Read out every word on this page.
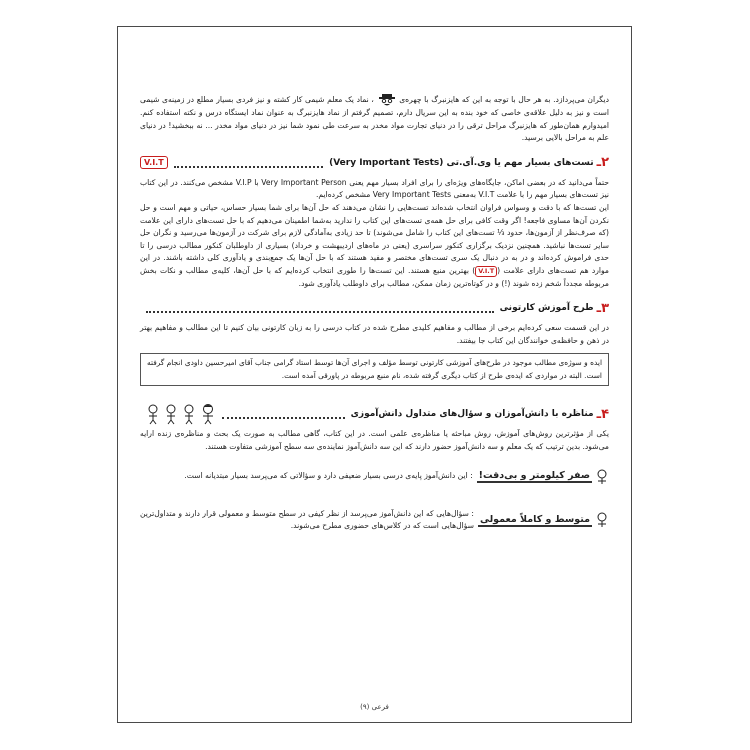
دیگران می‌پردازد. به هر حال با توجه به این که هایزنبرگ با چهره‌ی  ، نماد یک معلم شیمی کار کشته و نیز فردی بسیار مطلع در زمینه‌ی شیمی است و نیز به دلیل علاقه‌ی خاصی که خود بنده به این سریال دارم، تصمیم گرفتم از نماد هایزنبرگ به عنوان نماد ایستگاه درس و نکته استفاده کنم. امیدوارم همان‌طور که هایزنبرگ مراحل ترقی را در دنیای تجارت مواد مخدر به سرعت طی نمود شما نیز در دنیای مواد مخدر ... نه ببخشید! در دنیای علم به مراحل بالایی برسید.

۲ـ
تست‌های بسیار مهم یا وی.آی.تی (Very Important Tests)
V.I.T

حتماً می‌دانید که در بعضی اماکن، جایگاه‌های ویژه‌ای را برای افراد بسیار مهم یعنی Very Important Person با V.I.P مشخص می‌کنند. در این کتاب نیز تست‌های بسیار مهم را با علامت V.I.T به‌معنی Very Important Tests مشخص کرده‌ایم.

این تست‌ها که با دقت و وسواس فراوان انتخاب شده‌اند تست‌هایی را نشان می‌دهند که حل آن‌ها برای شما بسیار حساس، حیاتی و مهم است و حل نکردن آن‌ها مساوی فاجعه! اگر وقت کافی برای حل همه‌ی تست‌های این کتاب را ندارید به‌شما اطمینان می‌دهیم که با حل تست‌های دارای این علامت (که صرف‌نظر از آزمون‌ها، حدود ⅓ تست‌های این کتاب را شامل می‌شوند) تا حد زیادی به‌آمادگی لازم برای شرکت در آزمون‌ها می‌رسید و نگران حل سایر تست‌ها نباشید. همچنین نزدیک برگزاری کنکور سراسری (یعنی در ماه‌های اردیبهشت و خرداد) بسیاری از داوطلبان کنکور مطالب درسی را تا حدی فراموش کرده‌اند و در به در دنبال یک سری تست‌های مختصر و مفید هستند که با حل آن‌ها یک جمع‌بندی و یادآوری کلی داشته باشند. در این موارد هم تست‌های دارای علامت (V.I.T) بهترین منبع هستند. این تست‌ها را طوری انتخاب کرده‌ایم که با حل آن‌ها، کلیه‌ی مطالب و نکات بخش مربوطه مجدداً شخم زده شوند (!) و در کوتاه‌ترین زمان ممکن، مطالب برای داوطلب یادآوری شود.

۳ـ
طرح آموزش کارتونی

در این قسمت سعی کرده‌ایم برخی از مطالب و مفاهیم کلیدی مطرح شده در کتاب درسی را به زبان کارتونی بیان کنیم تا این مطالب و مفاهیم بهتر در ذهن و حافظه‌ی خوانندگان این کتاب جا بیفتند.

ایده و سوژه‌ی مطالب موجود در طرح‌های آموزشی کارتونی توسط مؤلف و اجرای آن‌ها توسط استاد گرامی جناب آقای امیرحسین داودی انجام گرفته است. البته در مواردی که ایده‌ی طرح از کتاب دیگری گرفته شده، نام منبع مربوطه در پاورقی آمده است.

۴ـ
مناظره با دانش‌آموزان و سؤال‌های متداول دانش‌آموزی

یکی از مؤثرترین روش‌های آموزش، روش مباحثه یا مناظره‌ی علمی است. در این کتاب، گاهی مطالب به صورت یک بحث و مناظره‌ی زنده ارایه می‌شود. بدین ترتیب که یک معلم و سه دانش‌آموز حضور دارند که این سه دانش‌آموز نماینده‌ی سه سطح آموزشی متفاوت هستند.

صفر کیلومتر و بی‌دقت!

: این دانش‌آموز پایه‌ی درسی بسیار ضعیفی دارد و سؤالاتی که می‌پرسد بسیار مبتدیانه است.

متوسط و کاملاً معمولی

: سؤال‌هایی که این دانش‌آموز می‌پرسد از نظر کیفی در سطح متوسط و معمولی قرار دارند و متداول‌ترین سؤال‌هایی است که در کلاس‌های حضوری مطرح می‌شوند.

فرعی (۹)
